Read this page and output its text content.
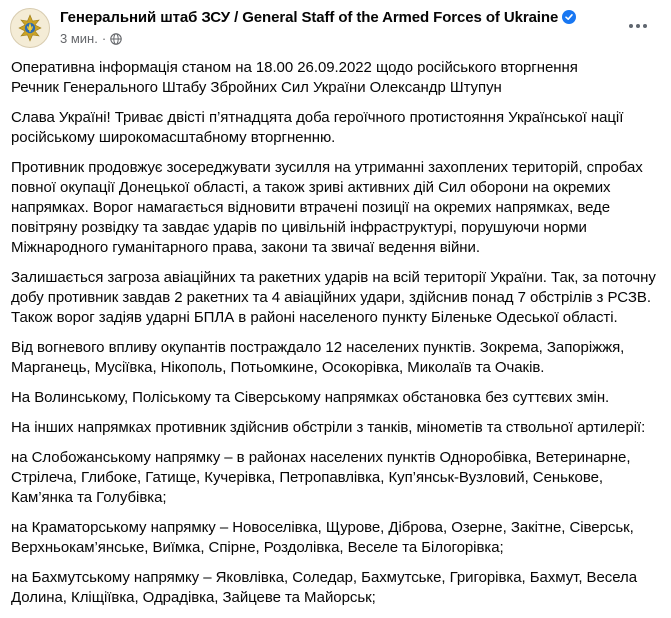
Генеральний штаб ЗСУ / General Staff of the Armed Forces of Ukraine
3 мин. ·

Оперативна інформація станом на 18.00 26.09.2022 щодо російського вторгнення
Речник Генерального Штабу Збройних Сил України Олександр Штупун

Слава Україні! Триває двісті п’ятнадцята доба героїчного протистояння Української нації російському широкомасштабному вторгненню.

Противник продовжує зосереджувати зусилля на утриманні захоплених територій, спробах повної окупації Донецької області, а також зриві активних дій Сил оборони на окремих напрямках. Ворог намагається відновити втрачені позиції на окремих напрямках, веде повітряну розвідку та завдає ударів по цивільній інфраструктурі, порушуючи норми Міжнародного гуманітарного права, закони та звичаї ведення війни.

Залишається загроза авіаційних та ракетних ударів на всій території України. Так, за поточну добу противник завдав 2 ракетних та 4 авіаційних удари, здійснив понад 7 обстрілів з РСЗВ. Також ворог задіяв ударні БПЛА в районі населеного пункту Біленьке Одеської області.

Від вогневого впливу окупантів постраждало 12 населених пунктів. Зокрема, Запоріжжя, Марганець, Мусіївка, Нікополь, Потьомкине, Осокорівка, Миколаїв та Очаків.

На Волинському, Поліському та Сіверському напрямках обстановка без суттєвих змін.

На інших напрямках противник здійснив обстріли з танків, мінометів та ствольної артилерії:

на Слобожанському напрямку – в районах населених пунктів Одноробівка, Ветеринарне, Стрілеча, Глибоке, Гатище, Кучерівка, Петропавлівка, Куп’янськ-Вузловий, Сенькове, Кам’янка та Голубівка;

на Краматорському напрямку – Новоселівка, Щурове, Діброва, Озерне, Закітне, Сіверськ, Верхньокам’янське, Виїмка, Спірне, Роздолівка, Веселе та Білогорівка;

на Бахмутському напрямку – Яковлівка, Соледар, Бахмутське, Григорівка, Бахмут, Весела Долина, Кліщіївка, Одрадівка, Зайцеве та Майорськ;
